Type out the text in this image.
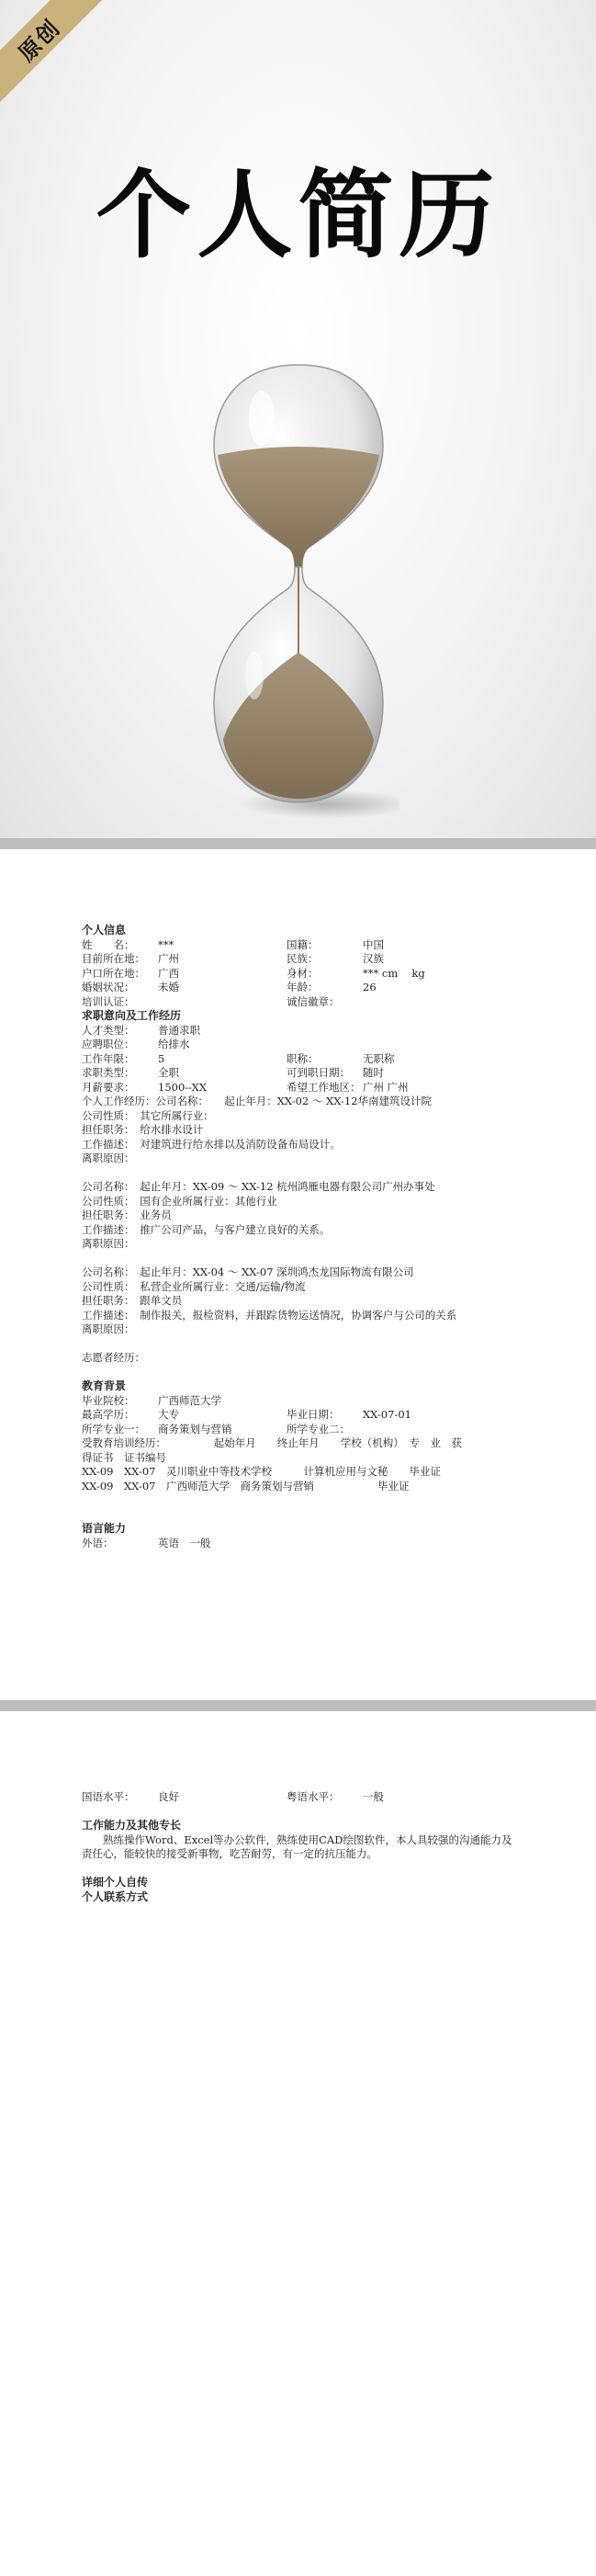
原创
个人简历
个人信息
姓　　名：	***	国籍：	中国
目前所在地：	广州	民族：	汉族
户口所在地：	广西	身材：	*** cm　 kg
婚姻状况：	未婚	年龄：	26
培训认证：	诚信徽章：
求职意向及工作经历
人才类型：	普通求职
应聘职位：	给排水
工作年限：	5	职称：	无职称
求职类型：	全职	可到职日期：	随时
月薪要求：	1500--XX	希望工作地区： 广州 广州
个人工作经历：公司名称：　　起止年月：XX-02 ～ XX-12华南建筑设计院
公司性质：　其它所属行业：
担任职务：　给水排水设计
工作描述：　对建筑进行给水排以及消防设备布局设计。
离职原因：
公司名称：　起止年月：XX-09 ～ XX-12 杭州鸿雁电器有限公司广州办事处
公司性质：　国有企业所属行业：其他行业
担任职务：　业务员
工作描述：　推广公司产品，与客户建立良好的关系。
离职原因：
公司名称：　起止年月：XX-04 ～ XX-07 深圳鸿杰龙国际物流有限公司
公司性质：　私营企业所属行业：交通/运输/物流
担任职务：　跟单文员
工作描述：　制作报关，报检资料，并跟踪货物运送情况，协调客户与公司的关系
离职原因：
志愿者经历：
教育背景
毕业院校：	广西师范大学
最高学历：	大专	毕业日期：	XX-07-01
所学专业一：	商务策划与营销	所学专业二：
受教育培训经历：　　　　　起始年月　　终止年月　　学校（机构）　专　业　获
得证书　证书编号
XX-09　XX-07　灵川职业中等技术学校　　　计算机应用与文秘　　毕业证
XX-09　XX-07　广西师范大学　商务策划与营销　　　　　　毕业证
语言能力
外语：	英语　一般
国语水平：	良好	粤语水平：	一般
工作能力及其他专长
熟练操作Word、Excel等办公软件，熟练使用CAD绘图软件，本人具较强的沟通能力及责任心，能较快的接受新事物，吃苦耐劳，有一定的抗压能力。
详细个人自传
个人联系方式
